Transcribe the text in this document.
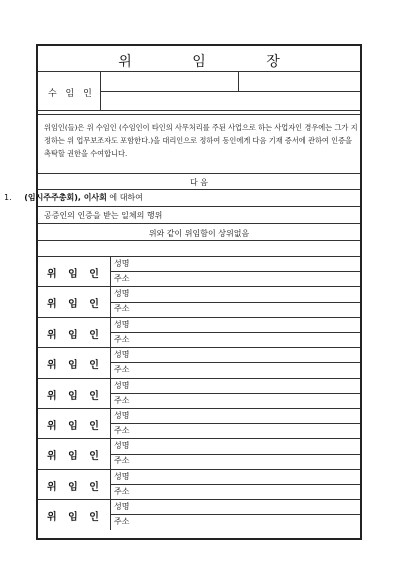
위 임 장
수 임 인
위임인(들)은 위 수임인 (수임인이 타인의 사무처리를 주된 사업으로 하는 사업자인 경우에는 그가 지정하는 위 업무보조자도 포함한다.)을 대리인으로 정하여 동인에게 다음 기재 증서에 관하여 인증을 촉탁할 권한을 수여합니다.
다 음
1. (임시주주총회), 이사회 에 대하여
공증인의 인증을 받는 일체의 행위
위와 같이 위임함이 상위없음
위 임 인
성명
주소
위 임 인
성명
주소
위 임 인
성명
주소
위 임 인
성명
주소
위 임 인
성명
주소
위 임 인
성명
주소
위 임 인
성명
주소
위 임 인
성명
주소
위 임 인
성명
주소
